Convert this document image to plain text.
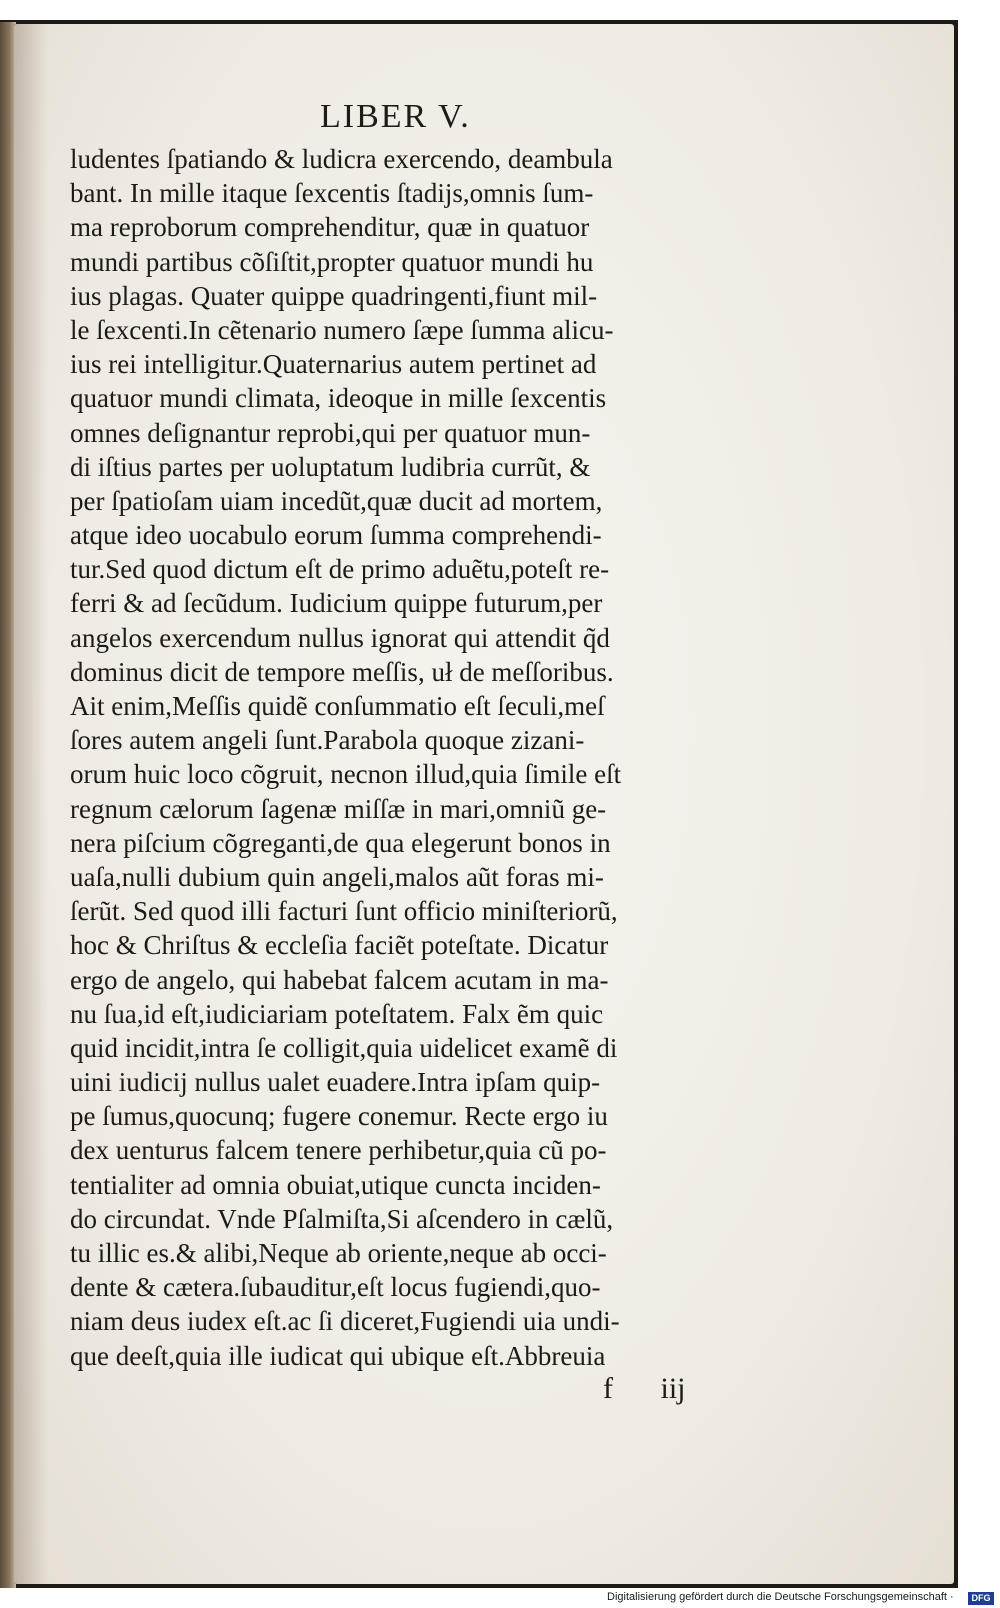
LIBER V.
ludentes ſpatiando & ludicra exercendo, deambula
bant. In mille itaque ſexcentis ſtadijs,omnis ſum-
ma reproborum comprehenditur, quæ in quatuor
mundi partibus cõſiſtit,propter quatuor mundi hu
ius plagas. Quater quippe quadringenti,fiunt mil-
le ſexcenti.In cẽtenario numero ſæpe ſumma alicu-
ius rei intelligitur.Quaternarius autem pertinet ad
quatuor mundi climata, ideoque in mille ſexcentis
omnes deſignantur reprobi,qui per quatuor mun-
di iſtius partes per uoluptatum ludibria currũt, &
per ſpatioſam uiam incedũt,quæ ducit ad mortem,
atque ideo uocabulo eorum ſumma comprehendi-
tur.Sed quod dictum eſt de primo aduẽtu,poteſt re-
ferri & ad ſecũdum. Iudicium quippe futurum,per
angelos exercendum nullus ignorat qui attendit q̃d
dominus dicit de tempore meſſis, uł de meſſoribus.
Ait enim,Meſſis quidẽ conſummatio eſt ſeculi,meſ
ſores autem angeli ſunt.Parabola quoque zizani-
orum huic loco cõgruit, necnon illud,quia ſimile eſt
regnum cælorum ſagenæ miſſæ in mari,omniũ ge-
nera piſcium cõgreganti,de qua elegerunt bonos in
uaſa,nulli dubium quin angeli,malos aũt foras mi-
ſerũt. Sed quod illi facturi ſunt officio miniſteriorũ,
hoc & Chriſtus & eccleſia faciẽt poteſtate. Dicatur
ergo de angelo, qui habebat falcem acutam in ma-
nu ſua,id eſt,iudiciariam poteſtatem. Falx ẽm quic
quid incidit,intra ſe colligit,quia uidelicet examẽ di
uini iudicij nullus ualet euadere.Intra ipſam quip-
pe ſumus,quocunq; fugere conemur. Recte ergo iu
dex uenturus falcem tenere perhibetur,quia cũ po-
tentialiter ad omnia obuiat,utique cuncta inciden-
do circundat. Vnde Pſalmiſta,Si aſcendero in cælũ,
tu illic es.& alibi,Neque ab oriente,neque ab occi-
dente & cætera.ſubauditur,eſt locus fugiendi,quo-
niam deus iudex eſt.ac ſi diceret,Fugiendi uia undi-
que deeſt,quia ille iudicat qui ubique eſt.Abbreuia
f iij
Digitalisierung gefördert durch die Deutsche Forschungsgemeinschaft ·	DFG
